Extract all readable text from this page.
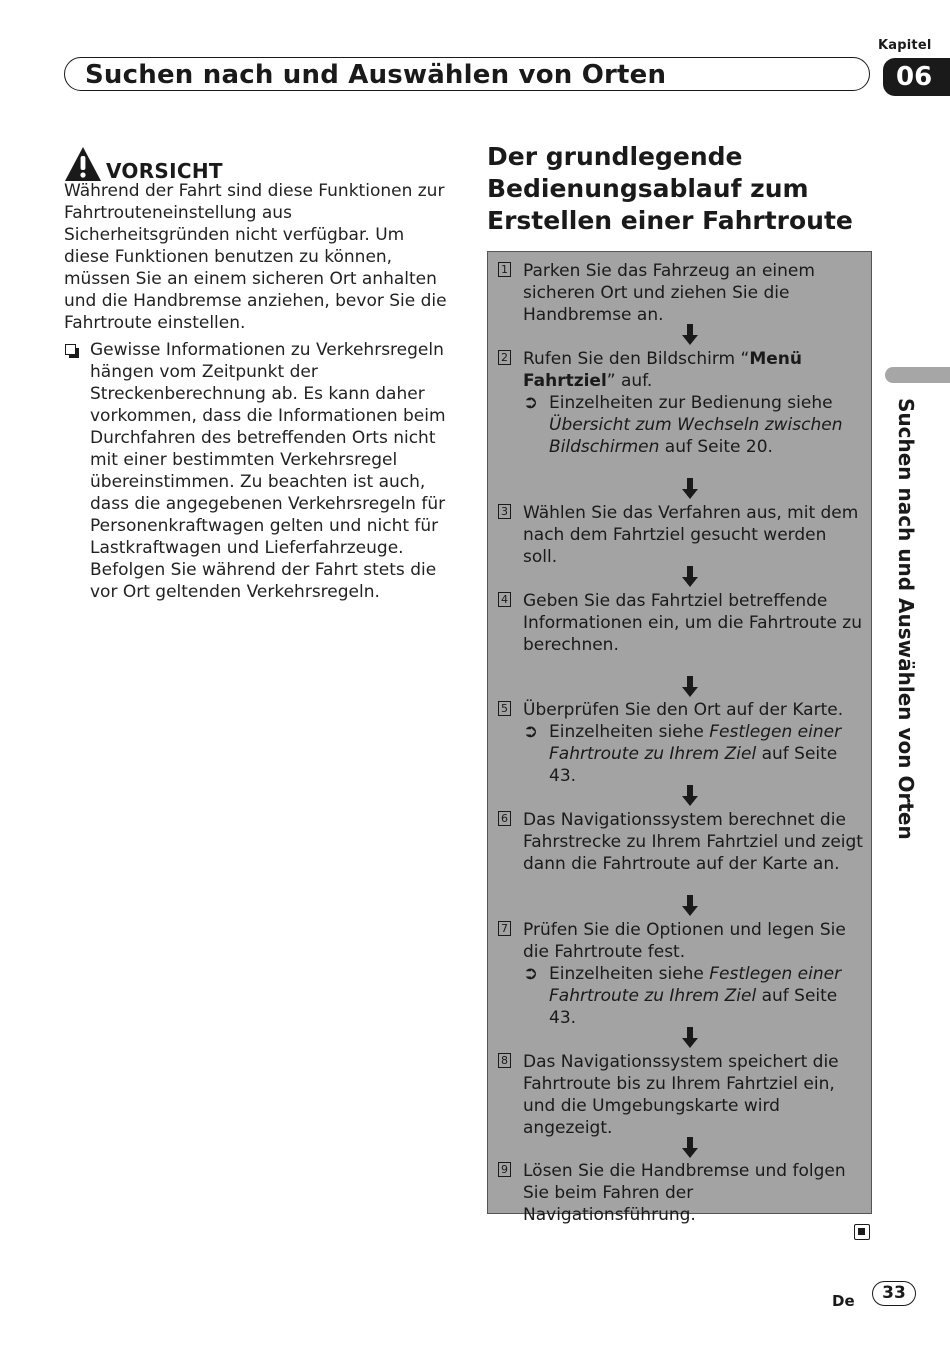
Kapitel
Suchen nach und Auswählen von Orten	06
Suchen nach und Auswählen von Orten
VORSICHT
Während der Fahrt sind diese Funktionen zur Fahrtrouteneinstellung aus Sicherheitsgründen nicht verfügbar. Um diese Funktionen benutzen zu können, müssen Sie an einem sicheren Ort anhalten und die Handbremse anziehen, bevor Sie die Fahrtroute einstellen.
Gewisse Informationen zu Verkehrsregeln hängen vom Zeitpunkt der Streckenberechnung ab. Es kann daher vorkommen, dass die Informationen beim Durchfahren des betreffenden Orts nicht mit einer bestimmten Verkehrsregel übereinstimmen. Zu beachten ist auch, dass die angegebenen Verkehrsregeln für Personenkraftwagen gelten und nicht für Lastkraftwagen und Lieferfahrzeuge. Befolgen Sie während der Fahrt stets die vor Ort geltenden Verkehrsregeln.
Der grundlegende
Bedienungsablauf zum
Erstellen einer Fahrtroute
1 Parken Sie das Fahrzeug an einem sicheren Ort und ziehen Sie die Handbremse an.
2 Rufen Sie den Bildschirm “Menü Fahrtziel” auf.
➲ Einzelheiten zur Bedienung siehe Übersicht zum Wechseln zwischen Bildschirmen auf Seite 20.
3 Wählen Sie das Verfahren aus, mit dem nach dem Fahrtziel gesucht werden soll.
4 Geben Sie das Fahrtziel betreffende Informationen ein, um die Fahrtroute zu berechnen.
5 Überprüfen Sie den Ort auf der Karte.
➲ Einzelheiten siehe Festlegen einer Fahrtroute zu Ihrem Ziel auf Seite 43.
6 Das Navigationssystem berechnet die Fahrstrecke zu Ihrem Fahrtziel und zeigt dann die Fahrtroute auf der Karte an.
7 Prüfen Sie die Optionen und legen Sie die Fahrtroute fest.
➲ Einzelheiten siehe Festlegen einer Fahrtroute zu Ihrem Ziel auf Seite 43.
8 Das Navigationssystem speichert die Fahrtroute bis zu Ihrem Fahrtziel ein, und die Umgebungskarte wird angezeigt.
9 Lösen Sie die Handbremse und folgen Sie beim Fahren der Navigationsführung.
De	33
